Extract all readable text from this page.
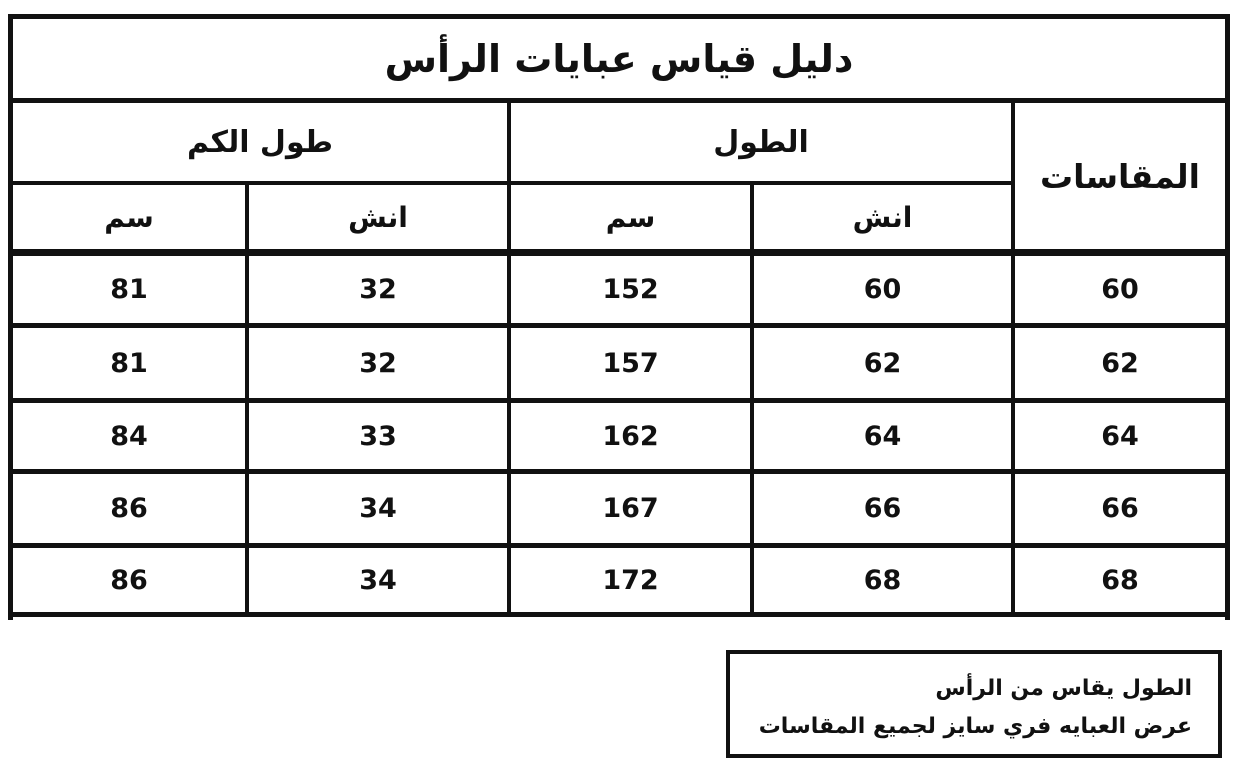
دليل قياس عبايات الرأس
المقاسات
الطول
طول الكم
انش
سم
انش
سم
60
60
152
32
81
62
62
157
32
81
64
64
162
33
84
66
66
167
34
86
68
68
172
34
86
الطول يقاس من الرأس
عرض العبايه فري سايز لجميع المقاسات
